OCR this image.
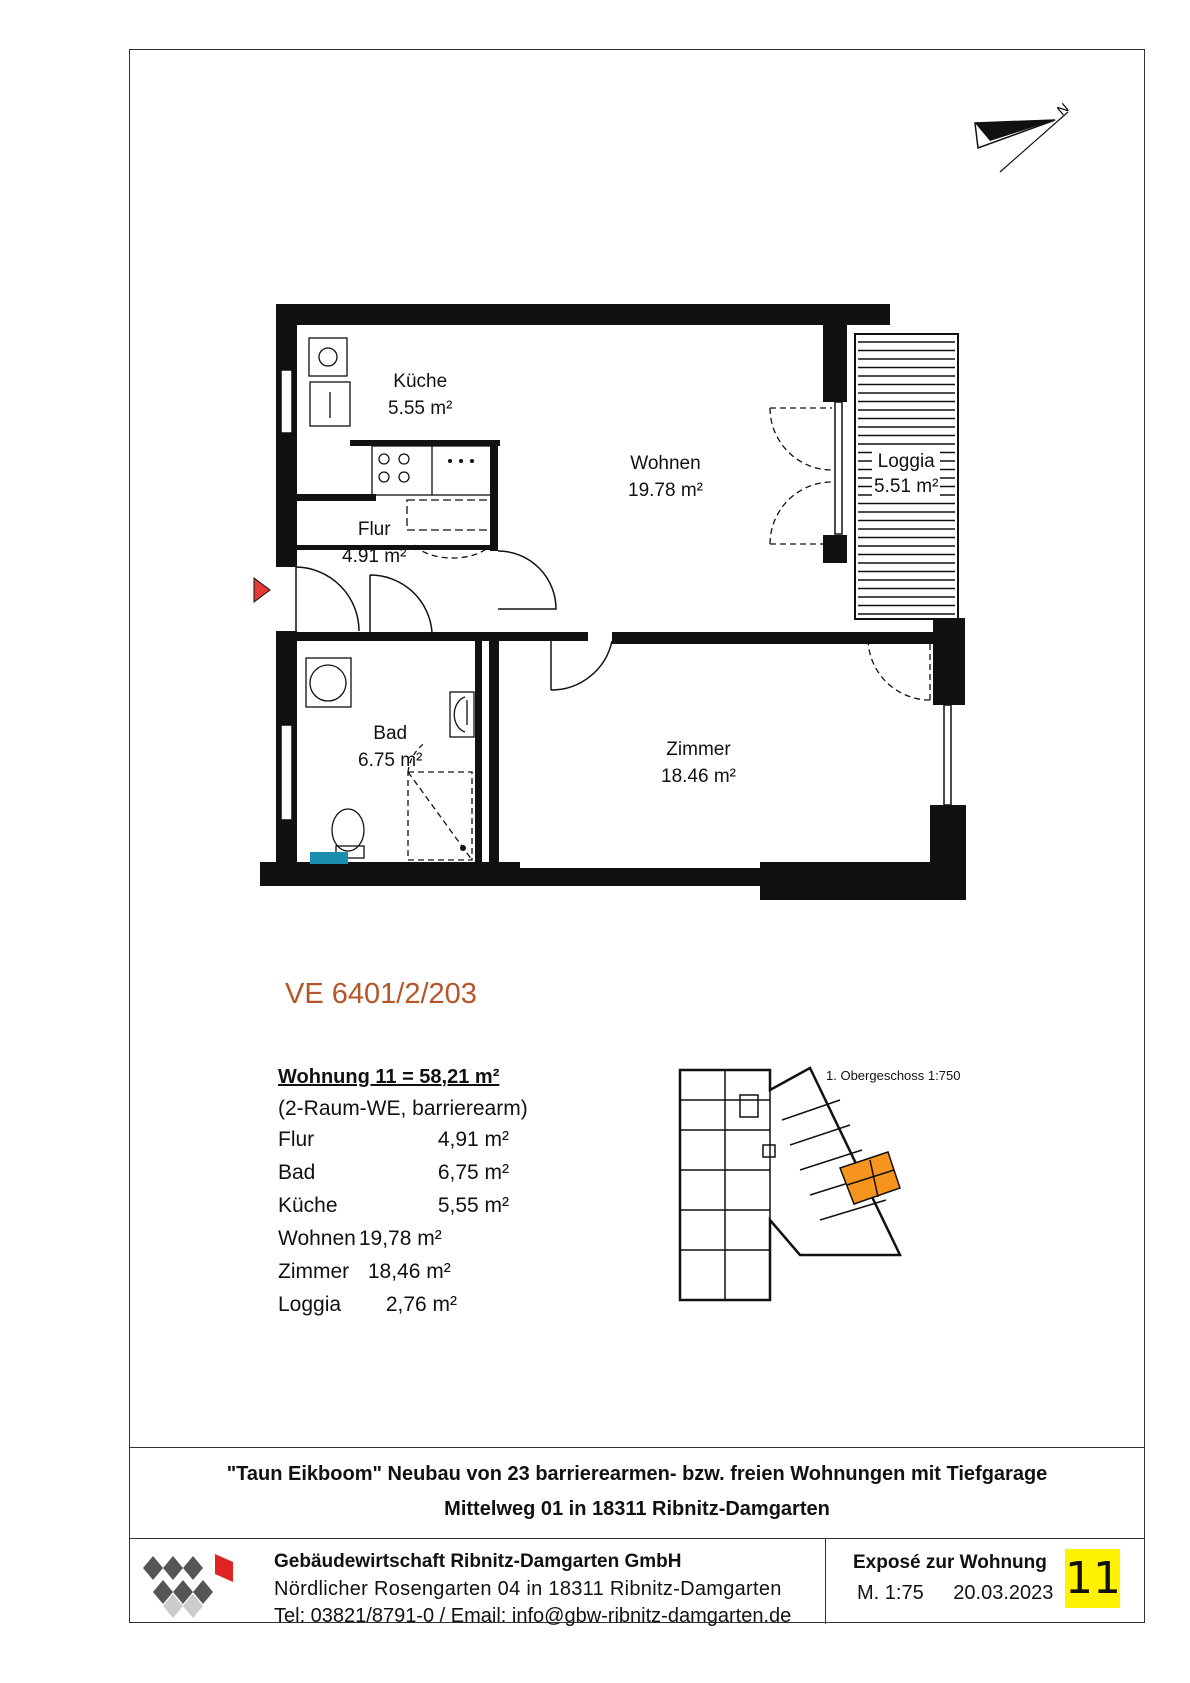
N
Küche
5.55 m²
Wohnen
19.78 m²
Loggia
5.51 m²
Flur
4.91 m²
Bad
6.75 m²
Zimmer
18.46 m²
VE 6401/2/203
Wohnung 11 = 58,21 m²
(2-Raum-WE, barrierearm)
Flur	4,91 m²
Bad	6,75 m²
Küche	5,55 m²
Wohnen	19,78 m²
Zimmer	18,46 m²
Loggia	2,76 m²
1. Obergeschoss 1:750
"Taun Eikboom" Neubau von 23 barrierearmen- bzw. freien Wohnungen mit Tiefgarage
Mittelweg 01 in 18311 Ribnitz-Damgarten
Gebäudewirtschaft Ribnitz-Damgarten GmbH
Nördlicher Rosengarten 04 in 18311 Ribnitz-Damgarten
Tel: 03821/8791-0 / Email: info@gbw-ribnitz-damgarten.de
Exposé zur Wohnung
M. 1:75 20.03.2023 11
